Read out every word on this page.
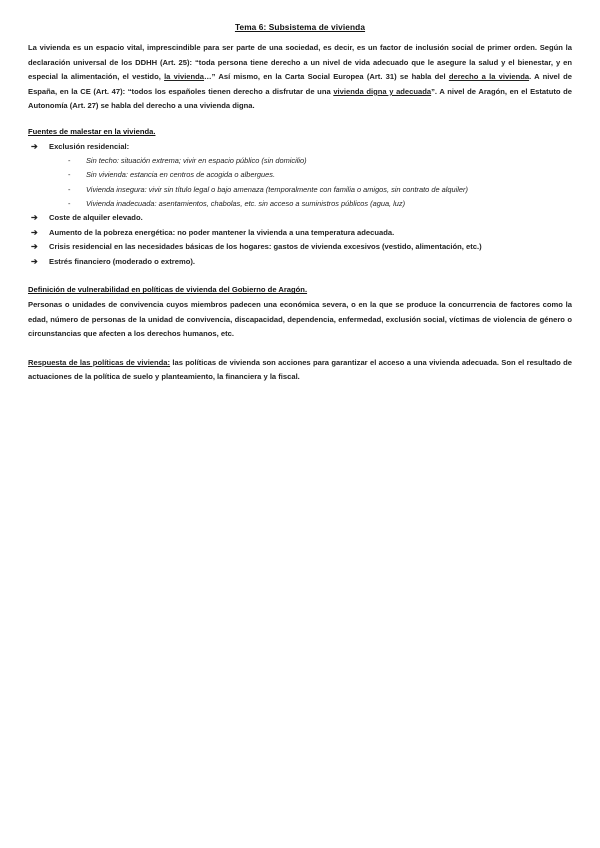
Tema 6: Subsistema de vivienda

La vivienda es un espacio vital, imprescindible para ser parte de una sociedad, es decir, es un factor de inclusión social de primer orden. Según la declaración universal de los DDHH (Art. 25): “toda persona tiene derecho a un nivel de vida adecuado que le asegure la salud y el bienestar, y en especial la alimentación, el vestido, la vivienda…” Así mismo, en la Carta Social Europea (Art. 31) se habla del derecho a la vivienda. A nivel de España, en la CE (Art. 47): “todos los españoles tienen derecho a disfrutar de una vivienda digna y adecuada”. A nivel de Aragón, en el Estatuto de Autonomía (Art. 27) se habla del derecho a una vivienda digna.

Fuentes de malestar en la vivienda.

➔ Exclusión residencial:
- Sin techo: situación extrema; vivir en espacio público (sin domicilio)
- Sin vivienda: estancia en centros de acogida o albergues.
- Vivienda insegura: vivir sin título legal o bajo amenaza (temporalmente con familia o amigos, sin contrato de alquiler)
- Vivienda inadecuada: asentamientos, chabolas, etc. sin acceso a suministros públicos (agua, luz)
➔ Coste de alquiler elevado.
➔ Aumento de la pobreza energética: no poder mantener la vivienda a una temperatura adecuada.
➔ Crisis residencial en las necesidades básicas de los hogares: gastos de vivienda excesivos (vestido, alimentación, etc.)
➔ Estrés financiero (moderado o extremo).

Definición de vulnerabilidad en políticas de vivienda del Gobierno de Aragón.

Personas o unidades de convivencia cuyos miembros padecen una económica severa, o en la que se produce la concurrencia de factores como la edad, número de personas de la unidad de convivencia, discapacidad, dependencia, enfermedad, exclusión social, víctimas de violencia de género o circunstancias que afecten a los derechos humanos, etc.

Respuesta de las políticas de vivienda: las políticas de vivienda son acciones para garantizar el acceso a una vivienda adecuada. Son el resultado de actuaciones de la política de suelo y planteamiento, la financiera y la fiscal.
